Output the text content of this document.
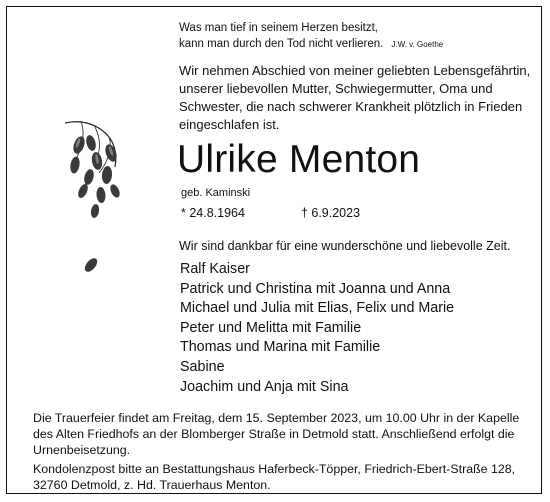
Was man tief in seinem Herzen besitzt,
kann man durch den Tod nicht verlieren. J.W. v. Goethe
Wir nehmen Abschied von meiner geliebten Lebensgefährtin,
unserer liebevollen Mutter, Schwiegermutter, Oma und
Schwester, die nach schwerer Krankheit plötzlich in Frieden
eingeschlafen ist.
Ulrike Menton
geb. Kaminski
* 24.8.1964	† 6.9.2023
Wir sind dankbar für eine wunderschöne und liebevolle Zeit.
Ralf Kaiser
Patrick und Christina mit Joanna und Anna
Michael und Julia mit Elias, Felix und Marie
Peter und Melitta mit Familie
Thomas und Marina mit Familie
Sabine
Joachim und Anja mit Sina
Die Trauerfeier findet am Freitag, dem 15. September 2023, um 10.00 Uhr in der Kapelle
des Alten Friedhofs an der Blomberger Straße in Detmold statt. Anschließend erfolgt die
Urnenbeisetzung.
Kondolenzpost bitte an Bestattungshaus Haferbeck-Töpper, Friedrich-Ebert-Straße 128,
32760 Detmold, z. Hd. Trauerhaus Menton.
